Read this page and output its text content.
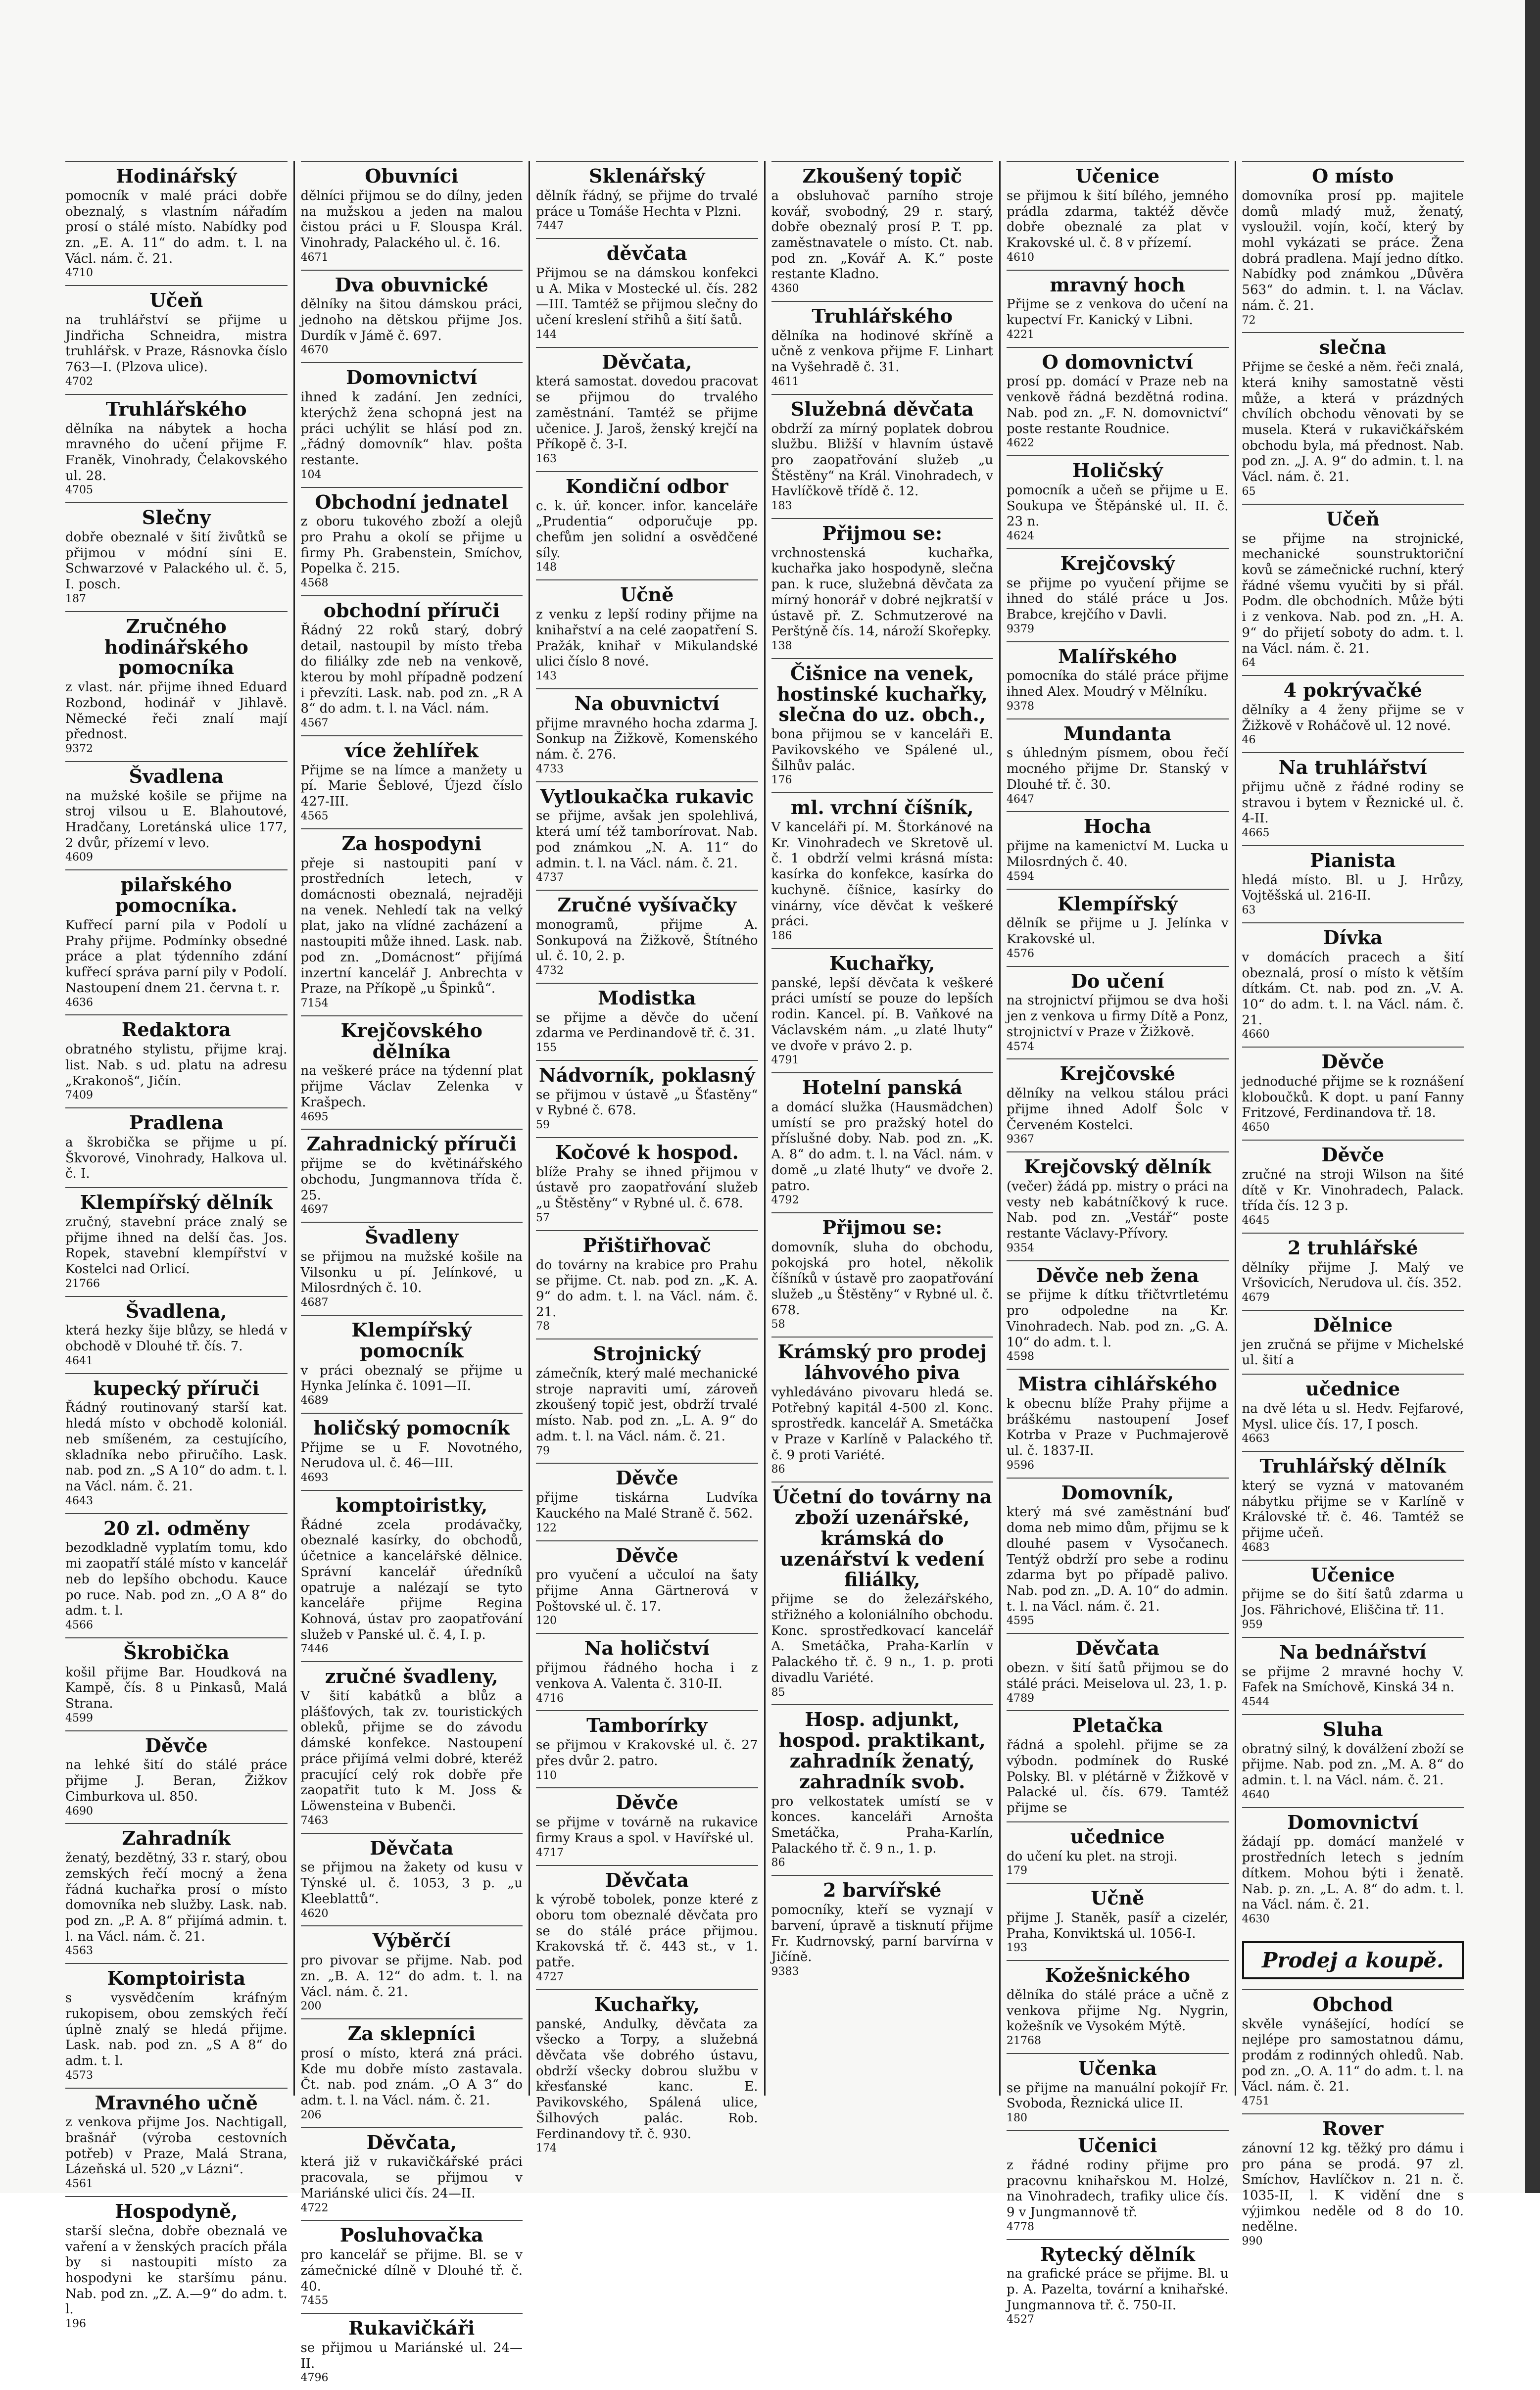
Hodinářský

pomocník v malé práci dobře obeznalý, s vlastním nářadím prosí o stálé místo. Nabídky pod zn. „E. A. 11“ do adm. t. l. na Václ. nám. č. 21.

4710

Učeň

na truhlářství se přijme u Jindřicha Schneidra, mistra truhlářsk. v Praze, Rásnovka číslo 763—I. (Plzova ulice).

4702

Truhlářského

dělníka na nábytek a hocha mravného do učení přijme F. Franěk, Vinohrady, Čelakovského ul. 28.

4705

Slečny

dobře obeznalé v šití živůtků se přijmou v módní síni E. Schwarzové v Palackého ul. č. 5, I. posch.

187

Zručného hodinářského pomocníka

z vlast. nár. přijme ihned Eduard Rozbond, hodinář v Jihlavě. Německé řeči znalí mají přednost.

9372

Švadlena

na mužské košile se přijme na stroj vilsou u E. Blahoutové, Hradčany, Loretánská ulice 177, 2 dvůr, přízemí v levo.

4609

pilařského pomocníka.

Kufřecí parní pila v Podolí u Prahy přijme. Podmínky obsedné práce a plat týdenního zdání kufřecí správa parní pily v Podolí. Nastoupení dnem 21. června t. r.

4636

Redaktora

obratného stylistu, přijme kraj. list. Nab. s ud. platu na adresu „Krakonoš“, Jičín.

7409

Pradlena

a škrobička se přijme u pí. Škvorové, Vinohrady, Halkova ul. č. I.

Klempířský dělník

zručný, stavební práce znalý se přijme ihned na delší čas. Jos. Ropek, stavební klempířství v Kostelci nad Orlicí.

21766

Švadlena,

která hezky šije blůzy, se hledá v obchodě v Dlouhé tř. čís. 7.

4641

kupecký příruči

Řádný routinovaný starší kat. hledá místo v obchodě koloniál. neb smíšeném, za cestujícího, skladníka nebo přiručího. Lask. nab. pod zn. „S A 10“ do adm. t. l. na Václ. nám. č. 21.

4643

20 zl. odměny

bezodkladně vyplatím tomu, kdo mi zaopatří stálé místo v kancelář neb do lepšího obchodu. Kauce po ruce. Nab. pod zn. „O A 8“ do adm. t. l.

4566

Škrobička

košil přijme Bar. Houdková na Kampě, čís. 8 u Pinkasů, Malá Strana.

4599

Děvče

na lehké šití do stálé práce přijme J. Beran, Žižkov Cimburkova ul. 850.

4690

Zahradník

ženatý, bezdětný, 33 r. starý, obou zemských řečí mocný a žena řádná kuchařka prosí o místo domovníka neb služby. Lask. nab. pod zn. „P. A. 8“ přijímá admin. t. l. na Václ. nám. č. 21.

4563

Komptoiristа

s vysvědčením kráfným rukopisem, obou zemských řečí úplně znalý se hledá přijme. Lask. nab. pod zn. „S A 8“ do adm. t. l.

4573

Mravného učně

z venkova přijme Jos. Nachtigall, brašnář (výroba cestovních potřeb) v Praze, Malá Strana, Lázeňská ul. 520 „v Lázni“.

4561

Hospodyně,

starší slečna, dobře obeznalá ve vaření a v ženských pracích přála by si nastoupiti místo za hospodyni ke staršímu pánu. Nab. pod zn. „Z. A.—9“ do adm. t. l.

196

Obuvníci

dělníci přijmou se do dílny, jeden na mužskou a jeden na malou čistou práci u F. Slouspa Král. Vinohrady, Palackého ul. č. 16.

4671

Dva obuvnické

dělníky na šitou dámskou práci, jednoho na dětskou přijme Jos. Durdík v Jámě č. 697.

4670

Domovnictví

ihned k zadání. Jen zedníci, kterýchž žena schopná jest na práci uchýlit se hlásí pod zn. „řádný domovník“ hlav. pošta restante.

104

Obchodní jednatel

z oboru tukového zboží a olejů pro Prahu a okolí se přijme u firmy Ph. Grabenstein, Smíchov, Popelka č. 215.

4568

obchodní příruči

Řádný 22 roků starý, dobrý detail, nastoupil by místo třeba do filiálky zde neb na venkově, kterou by mohl případně podzení i převzíti. Lask. nab. pod zn. „R A 8“ do adm. t. l. na Václ. nám.

4567

více žehlířek

Přijme se na límce a manžety u pí. Marie Šeblové, Újezd číslo 427-III.

4565

Za hospodyni

přeje si nastoupiti paní v prostředních letech, v domácnosti obeznalá, nejraději na venek. Nehledí tak na velký plat, jako na vlídné zacházení a nastoupiti může ihned. Lask. nab. pod zn. „Domácnost“ přijímá inzertní kancelář J. Anbrechta v Praze, na Příkopě „u Špinků“.

7154

Krejčovského dělníka

na veškeré práce na týdenní plat přijme Václav Zelenka v Krašpech.

4695

Zahradnický příruči

přijme se do květinářského obchodu, Jungmannova třída č. 25.

4697

Švadleny

se přijmou na mužské košile na Vilsonku u pí. Jelínkové, u Milosrdných č. 10.

4687

Klempířský pomocník

v práci obeznalý se přijme u Hynka Jelínka č. 1091—II.

4689

holičský pomocník

Přijme se u F. Novotného, Nerudova ul. č. 46—III.

4693

komptoiristky,

Řádné zcela prodávačky, obeznalé kasírky, do obchodů, účetnice a kancelářské dělnice. Správní kancelář úředníků opatruje a nalézají se tyto kanceláře přijme Regina Kohnová, ústav pro zaopatřování služeb v Panské ul. č. 4, I. p.

7446

zručné švadleny,

V šití kabátků a blůz a plášťových, tak zv. touristických obleků, přijme se do závodu dámské konfekce. Nastoupení práce přijímá velmi dobré, kteréž pracující celý rok dobře pře zaopatřit tuto k M. Joss & Löwensteina v Bubenči.

7463

Děvčata

se přijmou na žakety od kusu v Týnské ul. č. 1053, 3 p. „u Kleeblattů“.

4620

Výběrčí

pro pivovar se přijme. Nab. pod zn. „B. A. 12“ do adm. t. l. na Václ. nám. č. 21.

200

Za sklepníci

prosí o místo, která zná práci. Kde mu dobře místo zastavala. Čt. nab. pod znám. „O A 3“ do adm. t. l. na Václ. nám. č. 21.

206

Děvčata,

která již v rukavičkářské práci pracovala, se přijmou v Mariánské ulici čís. 24—II.

4722

Posluhovačka

pro kancelář se přijme. Bl. se v zámečnické dílně v Dlouhé tř. č. 40.

7455

Rukavičkáři

se přijmou u Mariánské ul. 24—II.

4796

Sklenářský

dělník řádný, se přijme do trvalé práce u Tomáše Hechta v Plzni.

7447

děvčata

Přijmou se na dámskou konfekci u A. Mika v Mostecké ul. čís. 282—III. Tamtéž se přijmou slečny do učení kreslení střihů a šití šatů.

144

Děvčata,

která samostat. dovedou pracovat se přijmou do trvalého zaměstnání. Tamtéž se přijme učenice. J. Jaroš, ženský krejčí na Příkopě č. 3-I.

163

Kondiční odbor

c. k. úř. koncer. infor. kanceláře „Prudentia“ odporučuje pp. chefům jen solidní a osvědčené síly.

148

Učně

z venku z lepší rodiny přijme na knihařství a na celé zaopatření S. Pražák, knihař v Mikulandské ulici číslo 8 nové.

143

Na obuvnictví

přijme mravného hocha zdarma J. Sonkup na Žižkově, Komenského nám. č. 276.

4733

Vytloukačka rukavic

se přijme, avšak jen spolehlivá, která umí též tamborírovat. Nab. pod známkou „N. A. 11“ do admin. t. l. na Václ. nám. č. 21.

4737

Zručné vyšívačky

monogramů, přijme A. Sonkupová na Žižkově, Štítného ul. č. 10, 2. p.

4732

Modistka

se přijme a děvče do učení zdarma ve Perdinandově tř. č. 31.

155

Nádvorník, poklasný

se přijmou v ústavě „u Šťastěny“ v Rybné č. 678.

59

Kočové k hospod.

blíže Prahy se ihned přijmou v ústavě pro zaopatřování služeb „u Štěstěny“ v Rybné ul. č. 678.

57

Přištiřhovač

do továrny na krabice pro Prahu se přijme. Ct. nab. pod zn. „K. A. 9“ do adm. t. l. na Václ. nám. č. 21.

78

Strojnický

zámečník, který malé mechanické stroje napraviti umí, zároveň zkoušený topič jest, obdrží trvalé místo. Nab. pod zn. „L. A. 9“ do adm. t. l. na Václ. nám. č. 21.

79

Děvče

přijme tiskárna Ludvíka Kauckého na Malé Straně č. 562.

122

Děvče

pro vyučení a učculoí na šaty přijme Anna Gärtnerová v Poštovské ul. č. 17.

120

Na holičství

přijmou řádného hocha i z venkova A. Valenta č. 310-II.

4716

Tamborírky

se přijmou v Krakovské ul. č. 27 přes dvůr 2. patro.

110

Děvče

se přijme v továrně na rukavice firmy Kraus a spol. v Havířské ul.

4717

Děvčata

k výrobě tobolek, ponze které z oboru tom obeznalé děvčata pro se do stálé práce přijmou. Krakovská tř. č. 443 st., v 1. patře.

4727

Kuchařky,

panské, Andulky, děvčata za všecko a Torpy, a služebná děvčata vše dobrého ústavu, obdrží všecky dobrou službu v křesťanské kanc. E. Pavikovského, Spálená ulice, Šilhových palác. Rob. Ferdinandovy tř. č. 930.

174

Zkoušený topič

a obsluhovač parního stroje kovář, svobodný, 29 r. starý, dobře obeznalý prosí P. T. pp. zaměstnavatele o místo. Ct. nab. pod zn. „Kovář A. K.“ poste restante Kladno.

4360

Truhlářského

dělníka na hodinové skříně a učně z venkova přijme F. Linhart na Vyšehradě č. 31.

4611

Služebná děvčata

obdrží za mírný poplatek dobrou službu. Bližší v hlavním ústavě pro zaopatřování služeb „u Štěstěny“ na Král. Vinohradech, v Havlíčkově třídě č. 12.

183

Přijmou se:

vrchnostenská kuchařka, kuchařka jako hospodyně, slečna pan. k ruce, služebná děvčata za mírný honorář v dobré nejkratší v ústavě př. Z. Schmutzerové na Perštýně čís. 14, nároží Skořepky.

138

Čišnice na venek, hostinské kuchařky, slečna do uz. obch.,

bona přijmou se v kanceláři E. Pavikovského ve Spálené ul., Šilhův palác.

176

ml. vrchní číšník,

V kanceláři pí. M. Štorkánové na Kr. Vinohradech ve Skretově ul. č. 1 obdrží velmi krásná místa: kasírka do konfekce, kasírka do kuchyně. číšnice, kasírky do vinárny, více děvčat k veškeré práci.

186

Kuchařky,

panské, lepší děvčata k veškeré práci umístí se pouze do lepších rodin. Kancel. pí. B. Vaňkové na Václavském nám. „u zlaté lhuty“ ve dvoře v právo 2. p.

4791

Hotelní panská

a domácí služka (Hausmädchen) umístí se pro pražský hotel do příslušné doby. Nab. pod zn. „K. A. 8“ do adm. t. l. na Václ. nám. v domě „u zlaté lhuty“ ve dvoře 2. patro.

4792

Přijmou se:

domovník, sluha do obchodu, pokojská pro hotel, několik číšníků v ústavě pro zaopatřování služeb „u Štěstěny“ v Rybné ul. č. 678.

58

Krámský pro prodej láhvového piva

vyhledáváno pivovaru hledá se. Potřebný kapitál 4-500 zl. Konc. sprostředk. kancelář A. Smetáčka v Praze v Karlíně v Palackého tř. č. 9 proti Variété.

86

Účetní do továrny na zboží uzenářské, krámská do uzenářství k vedení filiálky,

přijme se do železářského, střižného a koloniálního obchodu. Konc. sprostředkovací kancelář A. Smetáčka, Praha-Karlín v Palackého tř. č. 9 n., 1. p. proti divadlu Variété.

85

Hosp. adjunkt, hospod. praktikant, zahradník ženatý, zahradník svob.

pro velkostatek umístí se v konces. kanceláři Arnošta Smetáčka, Praha-Karlín, Palackého tř. č. 9 n., 1. p.

86

2 barvířské

pomocníky, kteří se vyznají v barvení, úpravě a tisknutí přijme Fr. Kudrnovský, parní barvírna v Jičíně.

9383

Učenice

se přijmou k šití bílého, jemného prádla zdarma, taktéž děvče dobře obeznalé za plat v Krakovské ul. č. 8 v přízemí.

4610

mravný hoch

Přijme se z venkova do učení na kupectví Fr. Kanický v Libni.

4221

O domovnictví

prosí pp. domácí v Praze neb na venkově řádná bezdětná rodina. Nab. pod zn. „F. N. domovnictví“ poste restante Roudnice.

4622

Holičský

pomocník a učeň se přijme u E. Soukupa ve Štěpánské ul. II. č. 23 n.

4624

Krejčovský

se přijme po vyučení přijme se ihned do stálé práce u Jos. Brabce, krejčího v Davli.

9379

Malířského

pomocníka do stálé práce přijme ihned Alex. Moudrý v Mělníku.

9378

Mundanta

s úhledným písmem, obou řečí mocného přijme Dr. Stanský v Dlouhé tř. č. 30.

4647

Hocha

přijme na kamenictví M. Lucka u Milosrdných č. 40.

4594

Klempířský

dělník se přijme u J. Jelínka v Krakovské ul.

4576

Do učení

na strojnictví přijmou se dva hoši jen z venkova u firmy Dítě a Ponz, strojnictví v Praze v Žižkově.

4574

Krejčovské

dělníky na velkou stálou práci přijme ihned Adolf Šolc v Červeném Kostelci.

9367

Krejčovský dělník

(večer) žádá pp. mistry o práci na vesty neb kabátníčkový k ruce. Nab. pod zn. „Vestář“ poste restante Václavy-Přívory.

9354

Děvče neb žena

se přijme k dítku třičtvrtletému pro odpoledne na Kr. Vinohradech. Nab. pod zn. „G. A. 10“ do adm. t. l.

4598

Mistra cihlářského

k obecnu blíže Prahy přijme a bráškému nastoupení Josef Kotrba v Praze v Puchmajerově ul. č. 1837-II.

9596

Domovník,

který má své zaměstnání buď doma neb mimo dům, přijmu se k dlouhé pasem v Vysočanech. Tentýž obdrží pro sebe a rodinu zdarma byt po případě palivo. Nab. pod zn. „D. A. 10“ do admin. t. l. na Václ. nám. č. 21.

4595

Děvčata

obezn. v šití šatů přijmou se do stálé práci. Meiselova ul. 23, 1. p.

4789

Pletačka

řádná a spolehl. přijme se za výbodn. podmínek do Ruské Polsky. Bl. v plétárně v Žižkově v Palacké ul. čís. 679. Tamtéž přijme se

učednice

do učení ku plet. na stroji.

179

Učně

přijme J. Staněk, pasíř a cizelér, Praha, Konviktská ul. 1056-I.

193

Kožešnického

dělníka do stálé práce a učně z venkova přijme Ng. Nygrin, kožešník ve Vysokém Mýtě.

21768

Učenka

se přijme na manuální pokojíř Fr. Svoboda, Řeznická ulice II.

180

Učenici

z řádné rodiny přijme pro pracovnu knihařskou M. Holzé, na Vinohradech, trafiky ulice čís. 9 v Jungmannově tř.

4778

Rytecký dělník

na grafické práce se přijme. Bl. u p. A. Pazelta, tovární a knihařské. Jungmannova tř. č. 750-II.

4527

O místo

domovníka prosí pp. majitele domů mladý muž, ženatý, vysloužil. vojín, kočí, který by mohl vykázati se práce. Žena dobrá pradlena. Mají jedno dítko. Nabídky pod známkou „Důvěra 563“ do admin. t. l. na Václav. nám. č. 21.

72

slečna

Přijme se české a něm. řeči znalá, která knihy samostatně věsti může, a která v prázdných chvílích obchodu věnovati by se musela. Která v rukavičkářském obchodu byla, má přednost. Nab. pod zn. „J. A. 9“ do admin. t. l. na Václ. nám. č. 21.

65

Učeň

se přijme na strojnické, mechanické sounstruktoriční kovů se zámečnické ruchní, který řádné všemu vyučiti by si přál. Podm. dle obchodních. Může býti i z venkova. Nab. pod zn. „H. A. 9“ do přijetí soboty do adm. t. l. na Václ. nám. č. 21.

64

4 pokrývačké

dělníky a 4 ženy přijme se v Žižkově v Roháčově ul. 12 nové.

46

Na truhlářství

přijmu učně z řádné rodiny se stravou i bytem v Řeznické ul. č. 4-II.

4665

Pianista

hledá místo. Bl. u J. Hrůzy, Vojtěšská ul. 216-II.

63

Dívka

v domácích pracech a šití obeznalá, prosí o místo k větším dítkám. Ct. nab. pod zn. „V. A. 10“ do adm. t. l. na Václ. nám. č. 21.

4660

Děvče

jednoduché přijme se k roznášení kloboučků. K dopt. u paní Fanny Fritzové, Ferdinandova tř. 18.

4650

Děvče

zručné na stroji Wilson na šité dítě v Kr. Vinohradech, Palack. třída čís. 12 3 p.

4645

2 truhlářské

dělníky přijme J. Malý ve Vršovicích, Nerudova ul. čís. 352.

4679

Dělnice

jen zručná se přijme v Michelské ul. šití a

učednice

na dvě léta u sl. Hedv. Fejfarové, Mysl. ulice čís. 17, I posch.

4663

Truhlářský dělník

který se vyzná v matovaném nábytku přijme se v Karlíně v Královské tř. č. 46. Tamtéž se přijme učeň.

4683

Učenice

přijme se do šití šatů zdarma u Jos. Fährichové, Eliščina tř. 11.

959

Na bednářství

se přijme 2 mravné hochy V. Fafek na Smíchově, Kinská 34 n.

4544

Sluha

obratný silný, k doválžení zboží se přijme. Nab. pod zn. „M. A. 8“ do admin. t. l. na Václ. nám. č. 21.

4640

Domovnictví

žádají pp. domácí manželé v prostředních letech s jedním dítkem. Mohou býti i ženatě. Nab. p. zn. „L. A. 8“ do adm. t. l. na Václ. nám. č. 21.

4630

Prodej a koupě.
Obchod

skvěle vynášející, hodící se nejlépe pro samostatnou dámu, prodám z rodinných ohledů. Nab. pod zn. „O. A. 11“ do adm. t. l. na Václ. nám. č. 21.

4751

Rover

zánovní 12 kg. těžký pro dámu i pro pána se prodá. 97 zl. Smíchov, Havlíčkov n. 21 n. č. 1035-II, l. K vidění dne s výjimkou neděle od 8 do 10. nedělne.

990
